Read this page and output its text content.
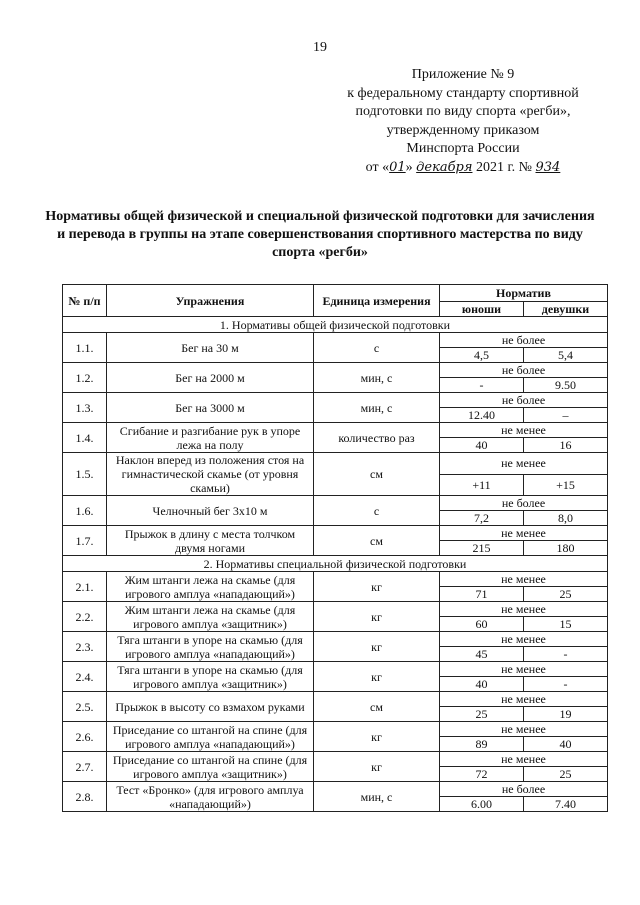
19
Приложение № 9
к федеральному стандарту спортивной
подготовки по виду спорта «регби»,
утвержденному приказом
Минспорта России
от «01» декабря 2021 г. № 934
Нормативы общей физической и специальной физической подготовки для зачисления и перевода в группы на этапе совершенствования спортивного мастерства по виду спорта «регби»
№ п/п	Упражнения	Единица измерения	Норматив	
			юноши	девушки
1. Нормативы общей физической подготовки				
1.1.	Бег на 30 м	с	не более	
			4,5	5,4
1.2.	Бег на 2000 м	мин, с	не более	
			-	9.50
1.3.	Бег на 3000 м	мин, с	не более	
			12.40	–
1.4.	Сгибание и разгибание рук в упоре лежа на полу	количество раз	не менее	
			40	16
1.5.	Наклон вперед из положения стоя на гимнастической скамье (от уровня скамьи)	см	не менее	
			+11	+15
1.6.	Челночный бег 3x10 м	с	не более	
			7,2	8,0
1.7.	Прыжок в длину с места толчком двумя ногами	см	не менее	
			215	180
2. Нормативы специальной физической подготовки				
2.1.	Жим штанги лежа на скамье (для игрового амплуа «нападающий»)	кг	не менее	
			71	25
2.2.	Жим штанги лежа на скамье (для игрового амплуа «защитник»)	кг	не менее	
			60	15
2.3.	Тяга штанги в упоре на скамью (для игрового амплуа «нападающий»)	кг	не менее	
			45	-
2.4.	Тяга штанги в упоре на скамью (для игрового амплуа «защитник»)	кг	не менее	
			40	-
2.5.	Прыжок в высоту со взмахом руками	см	не менее	
			25	19
2.6.	Приседание со штангой на спине (для игрового амплуа «нападающий»)	кг	не менее	
			89	40
2.7.	Приседание со штангой на спине (для игрового амплуа «защитник»)	кг	не менее	
			72	25
2.8.	Тест «Бронко» (для игрового амплуа «нападающий»)	мин, с	не более	
			6.00	7.40
